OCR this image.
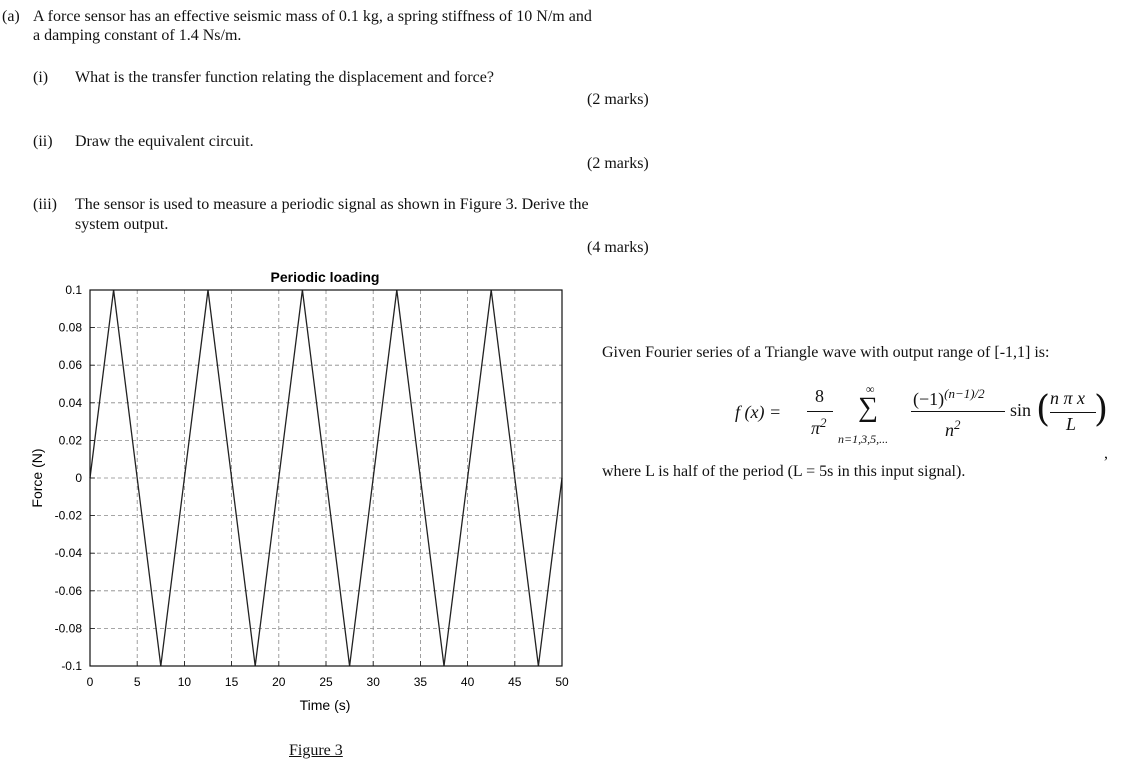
(a) A force sensor has an effective seismic mass of 0.1 kg, a spring stiffness of 10 N/m and
a damping constant of 1.4 Ns/m.
(i) What is the transfer function relating the displacement and force?
(2 marks)
(ii) Draw the equivalent circuit.
(2 marks)
(iii) The sensor is used to measure a periodic signal as shown in Figure 3. Derive the
system output.
(4 marks)
Periodic loading
0	5	10	15	20	25	30	35	40	45	50
0.1
0.08
0.06
0.04
0.02
0
-0.02
-0.04
-0.06
-0.08
-0.1
Time (s)
Force (N)
Figure 3
Given Fourier series of a Triangle wave with output range of [-1,1] is:
f (x) =
8
$\pi^2$
∞
∑
n=1,3,5,...
$(-1)^{(n-1)/2}$
$n^2$
sin ( n π x
L )
,
where L is half of the period (L = 5s in this input signal).
